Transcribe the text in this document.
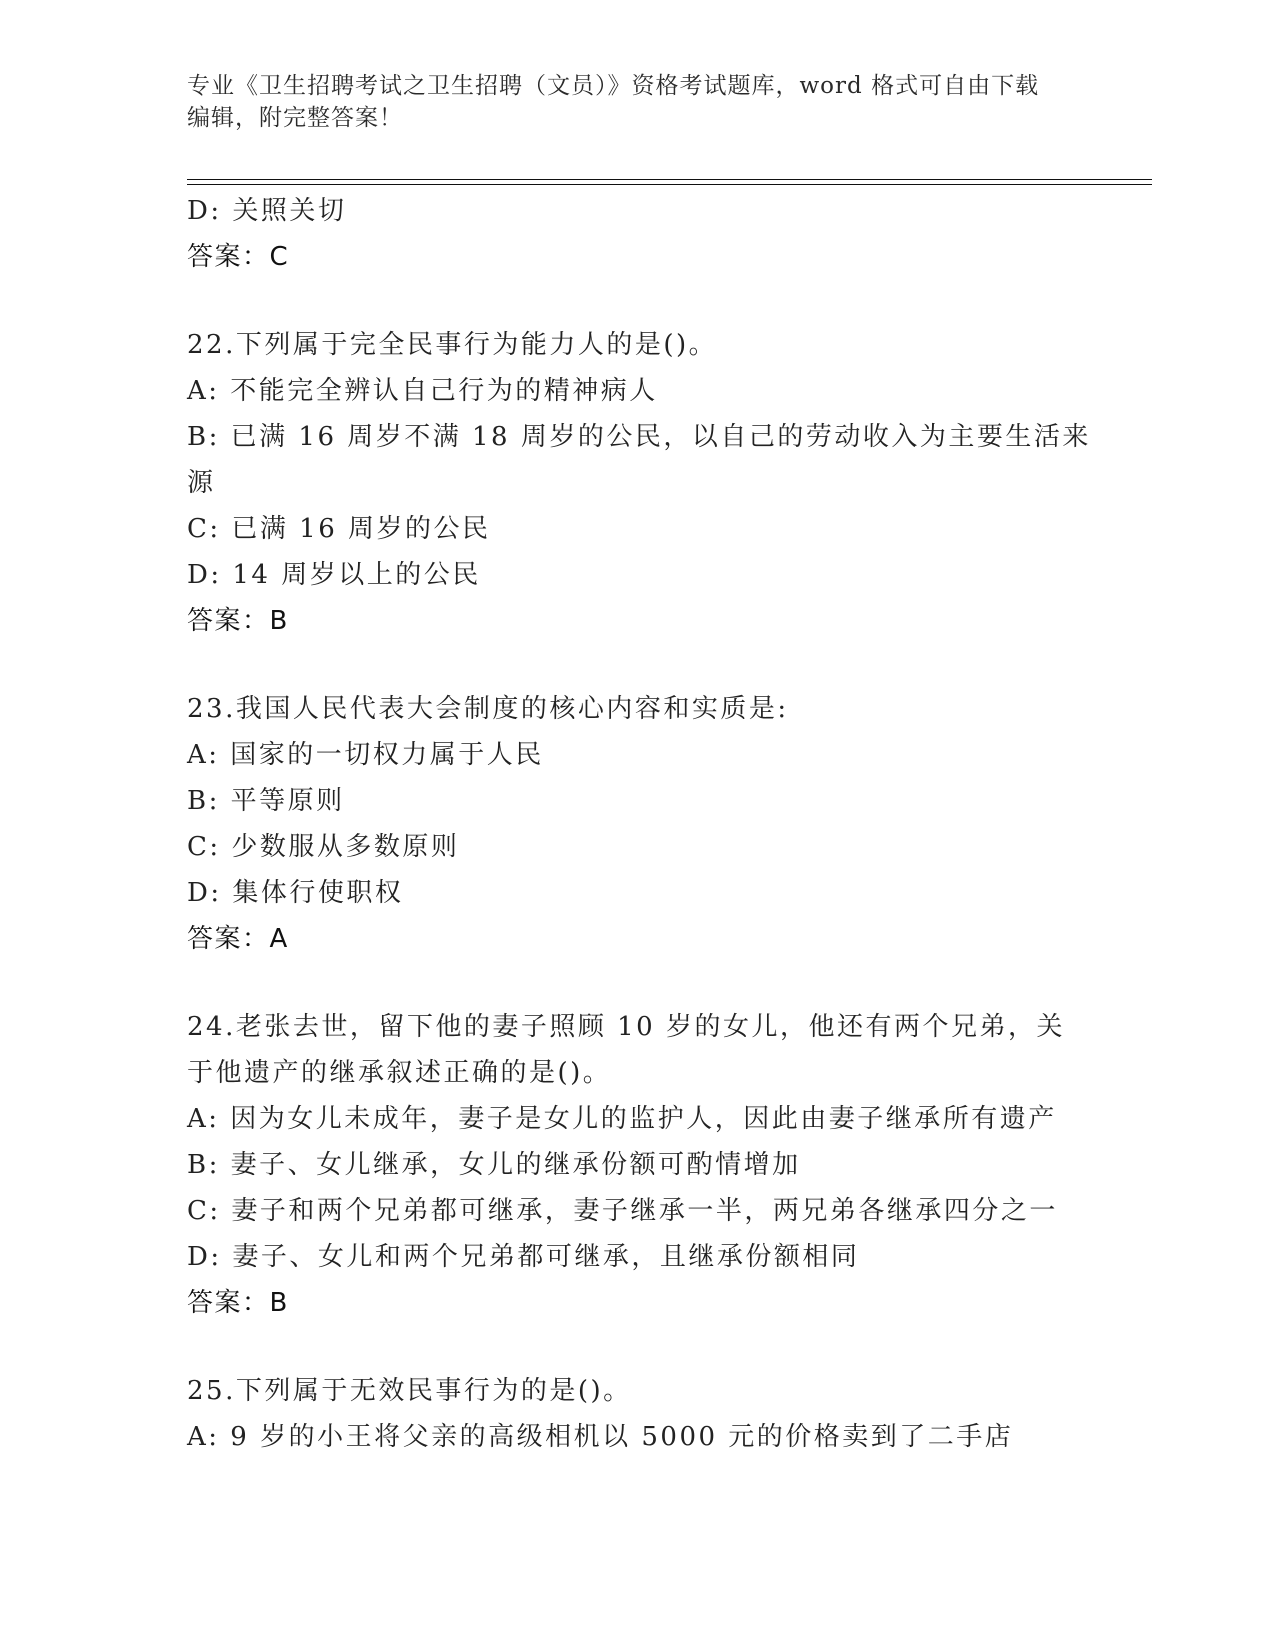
专业《卫生招聘考试之卫生招聘（文员）》资格考试题库，word 格式可自由下载
编辑，附完整答案！
D: 关照关切
答案：C
22.下列属于完全民事行为能力人的是()。
A: 不能完全辨认自己行为的精神病人
B: 已满 16 周岁不满 18 周岁的公民，以自己的劳动收入为主要生活来
源
C: 已满 16 周岁的公民
D: 14 周岁以上的公民
答案：B
23.我国人民代表大会制度的核心内容和实质是:
A: 国家的一切权力属于人民
B: 平等原则
C: 少数服从多数原则
D: 集体行使职权
答案：A
24.老张去世，留下他的妻子照顾 10 岁的女儿，他还有两个兄弟，关
于他遗产的继承叙述正确的是()。
A: 因为女儿未成年，妻子是女儿的监护人，因此由妻子继承所有遗产
B: 妻子、女儿继承，女儿的继承份额可酌情增加
C: 妻子和两个兄弟都可继承，妻子继承一半，两兄弟各继承四分之一
D: 妻子、女儿和两个兄弟都可继承，且继承份额相同
答案：B
25.下列属于无效民事行为的是()。
A: 9 岁的小王将父亲的高级相机以 5000 元的价格卖到了二手店
